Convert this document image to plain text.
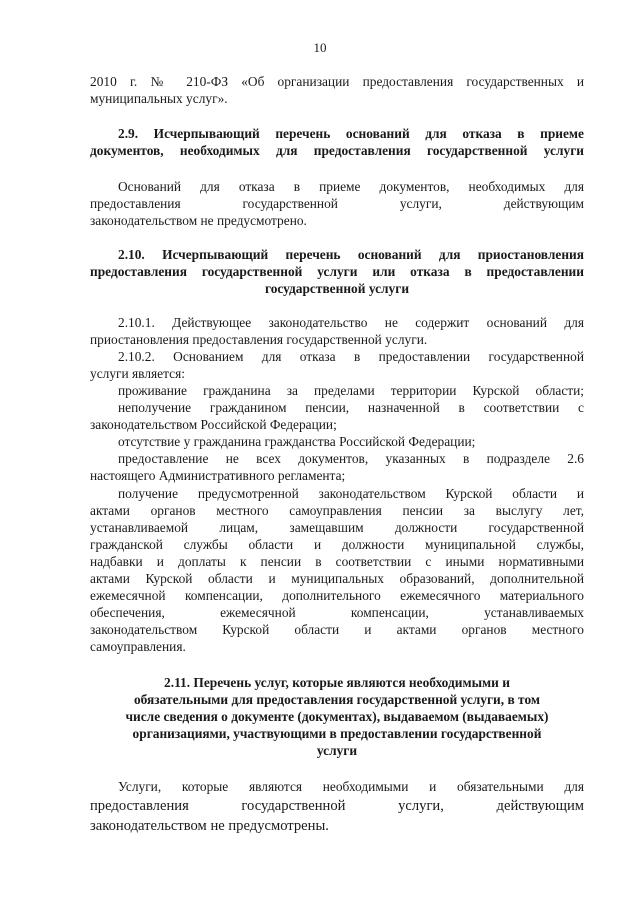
10
2010 г. № 210-ФЗ «Об организации предоставления государственных и
муниципальных услуг».
2.9. Исчерпывающий перечень оснований для отказа в приеме
документов, необходимых для предоставления государственной услуги
Оснований для отказа в приеме документов, необходимых для
предоставления государственной услуги, действующим
законодательством не предусмотрено.
2.10. Исчерпывающий перечень оснований для приостановления
предоставления государственной услуги или отказа в предоставлении
государственной услуги
2.10.1. Действующее законодательство не содержит оснований для
приостановления предоставления государственной услуги.
2.10.2. Основанием для отказа в предоставлении государственной
услуги является:
проживание гражданина за пределами территории Курской области;
неполучение гражданином пенсии, назначенной в соответствии с
законодательством Российской Федерации;
отсутствие у гражданина гражданства Российской Федерации;
предоставление не всех документов, указанных в подразделе 2.6
настоящего Административного регламента;
получение предусмотренной законодательством Курской области и
актами органов местного самоуправления пенсии за выслугу лет,
устанавливаемой лицам, замещавшим должности государственной
гражданской службы области и должности муниципальной службы,
надбавки и доплаты к пенсии в соответствии с иными нормативными
актами Курской области и муниципальных образований, дополнительной
ежемесячной компенсации, дополнительного ежемесячного материального
обеспечения, ежемесячной компенсации, устанавливаемых
законодательством Курской области и актами органов местного
самоуправления.
2.11. Перечень услуг, которые являются необходимыми и
обязательными для предоставления государственной услуги, в том
числе сведения о документе (документах), выдаваемом (выдаваемых)
организациями, участвующими в предоставлении государственной
услуги
Услуги, которые являются необходимыми и обязательными для
предоставления государственной услуги, действующим
законодательством не предусмотрены.
